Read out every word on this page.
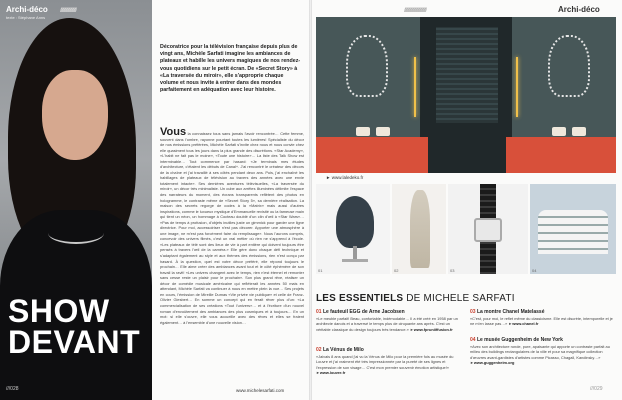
Archi-déco
texte : Stéphane Anns
////////////////////////
SHOW
DEVANT
///028
Décoratrice pour la télévision française depuis plus de vingt ans, Michèle Sarfati imagine les ambiances de plateaux et habille les univers magiques de nos rendez-vous quotidiens sur le petit écran. De «Secret Story» à «La traversée du miroir», elle s'approprie chaque volume et nous invite à entrer dans des mondes parfaitement en adéquation avec leur histoire.
Vous la connaissez tous sans jamais l'avoir rencontrée… Cette femme, souvent dans l'ombre, rayonne pourtant toutes les lumières! Spécialiste du décor de nos émissions préférées, Michèle Sarfati s'invite chez nous et nous convie chez elle quasiment tous les jours dans la plus grande des discrétions. «Star Academy», «L'habit ne fait pas le moine», «Toute une histoire»… La liste des Talk Show est interminable… Tout commence par hasard: «Je terminais mes études d'architecture, c'étaient les débuts de Canal+. J'ai rencontré le créateur des décors de la chaîne et j'ai travaillé à ses côtés pendant deux ans. Puis, j'ai enchaîné les habillages de plateaux de télévision au travers des années avec une envie totalement intacte». Ses dernières aventures télévisuelles, «La traversée du miroir», un décor très minimaliste. Un cube aux arrêtes illuminées délimite l'espace des narrateurs du moment, des écrans transparents reflètent des photos en hologramme, le contraste même de «Secret Story 5», sa dernière réalisation. La maison des secrets regorge de codes à la «Matrix» mais aussi d'autres inspirations, comme le luxueux mystique d'Emmanuelle revisité ou la fameuse main qui tient un néon, un hommage à Cocteau doublé d'un clin d'œil à «Star Wars»… «Pas de temps à profusion, d'objets inutiles juste un gimmick pour garder une ligne directrice. Pour moi, accessoiriser n'est pas décorer. Apporter une atmosphère à une image, ne m'est pas forcément faire du remplissage». Nous l'aurons compris, concevoir des univers filmés, c'est un vrai métier où rien ne s'apprend à l'école. «Les plateaux de télé sont des lieux de vie à part entière qui doivent toujours être pensés à travers l'œil de la caméra.» Elle gère donc chaque défi technique et s'adaptant également au style et aux thèmes des émissions, rien n'est conçu par hasard. À la question, quel est votre décor préféré, elle répond toujours le prochain… Elle aime créer des ambiances avant tout et le côté éphémère de son travail la ravit! «Les univers changent avec le temps, rien n'est éternel et remonter sans cesse reste un plaisir pour le prochain». Son plus grand rêve, réaliser un décor de comédie musicale américaine qui refléterait les années 50 mais en attendant, Michèle Sarfati va continuer à nous en mettre plein la vue… Ses projets en cours, l'émission de Mireille Dumas «Vie privée vie publique» et celle de Franz-Olivier Giesbert… En somme un concept qui en ferait rêver plus d'un: «La commercialisation de ses créations «Tout l'univers»… et à l'écriture d'un nouvel roman d'envoûtement des ambiances des plus cosmiques et à toujours… En un mot: si elle s'ouvre, elle vous accueille avec des rêves et elles se fraient également… à l'ensemble d'une nouvelle vision…
www.michelesarfati.com
/////////////////////////////////	Archi-déco
► www.laledeko.fr
01	02	03	04
LES ESSENTIELS DE MICHELE SARFATI
01 Le fauteuil EGG de Arne Jacobsen
«Le meuble parfait! Beau, confortable, indémodable… Il a été créé en 1958 par un architecte danois et a traversé le temps plus de cinquante ans après. C'est un véritable classique du design toujours très tendance.» ►www.fpruniiffusion.fr
02 La Vénus de Milo
«Jaivais 8 ans quand j'ai vu la Vénus de Milo pour la première fois au musée du Louvre et j'ai vraiment été très impressionnée par la pureté de ses lignes et l'expression de son visage… C'est mon premier souvenir émotion artistique!» ►www.louvre.fr
03 La montre Chanel Matelassé
«C'est, pour moi, le reflet même du classicisme. Elle est discrète, intemporelle et je ne m'en lasse pas…» ►www.chanel.fr
04 Le musée Guggenheim de New York
«Avec son architecture ronde, pure, apaisante qui apporte un contraste parfait au milieu des buildings rectangulaires de la ville et pour sa magnifique collection d'œuvres avant-gardistes d'artistes comme Picasso, Chagall, Kandinsky…» ►www.guggenheim.org
///029
